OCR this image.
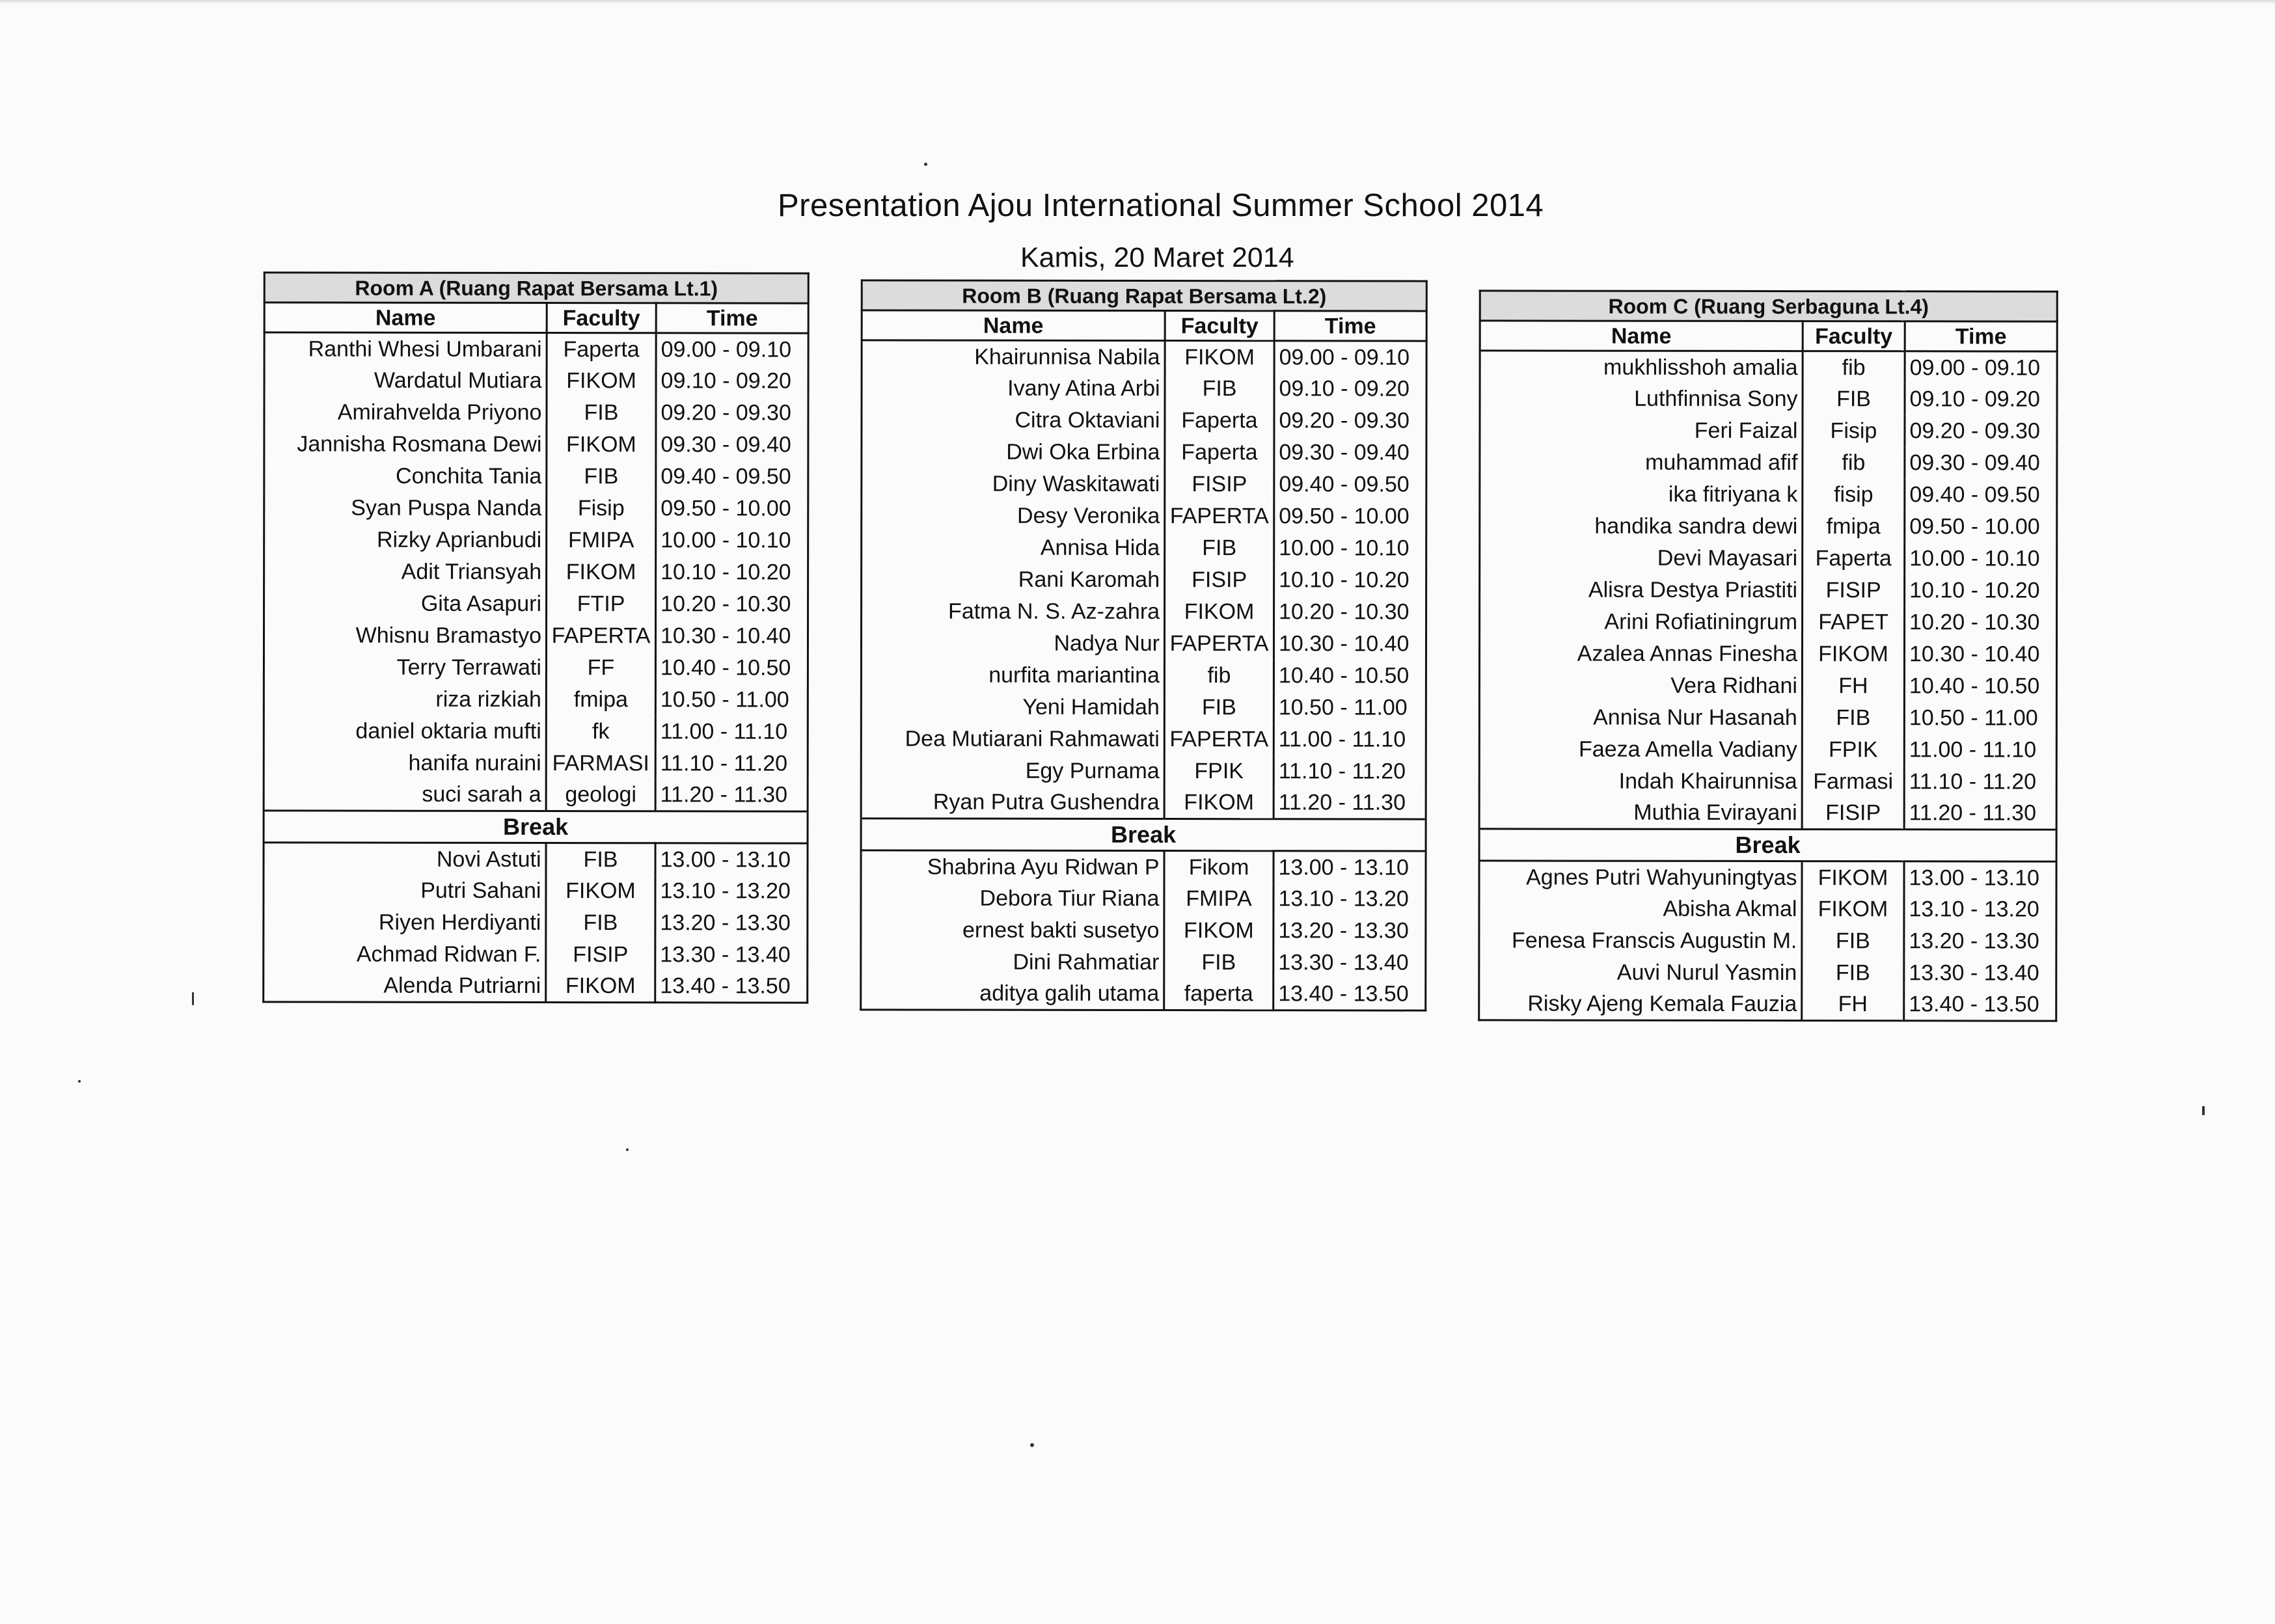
Presentation Ajou International Summer School 2014
Kamis, 20 Maret 2014
Room A (Ruang Rapat Bersama Lt.1)		
Name	Faculty	Time
Ranthi Whesi Umbarani	Faperta	09.00 - 09.10
Wardatul Mutiara	FIKOM	09.10 - 09.20
Amirahvelda Priyono	FIB	09.20 - 09.30
Jannisha Rosmana Dewi	FIKOM	09.30 - 09.40
Conchita Tania	FIB	09.40 - 09.50
Syan Puspa Nanda	Fisip	09.50 - 10.00
Rizky Aprianbudi	FMIPA	10.00 - 10.10
Adit Triansyah	FIKOM	10.10 - 10.20
Gita Asapuri	FTIP	10.20 - 10.30
Whisnu Bramastyo	FAPERTA	10.30 - 10.40
Terry Terrawati	FF	10.40 - 10.50
riza rizkiah	fmipa	10.50 - 11.00
daniel oktaria mufti	fk	11.00 - 11.10
hanifa nuraini	FARMASI	11.10 - 11.20
suci sarah a	geologi	11.20 - 11.30
Break		
Novi Astuti	FIB	13.00 - 13.10
Putri Sahani	FIKOM	13.10 - 13.20
Riyen Herdiyanti	FIB	13.20 - 13.30
Achmad Ridwan F.	FISIP	13.30 - 13.40
Alenda Putriarni	FIKOM	13.40 - 13.50
Room B (Ruang Rapat Bersama Lt.2)		
Name	Faculty	Time
Khairunnisa Nabila	FIKOM	09.00 - 09.10
Ivany Atina Arbi	FIB	09.10 - 09.20
Citra Oktaviani	Faperta	09.20 - 09.30
Dwi Oka Erbina	Faperta	09.30 - 09.40
Diny Waskitawati	FISIP	09.40 - 09.50
Desy Veronika	FAPERTA	09.50 - 10.00
Annisa Hida	FIB	10.00 - 10.10
Rani Karomah	FISIP	10.10 - 10.20
Fatma N. S. Az-zahra	FIKOM	10.20 - 10.30
Nadya Nur	FAPERTA	10.30 - 10.40
nurfita mariantina	fib	10.40 - 10.50
Yeni Hamidah	FIB	10.50 - 11.00
Dea Mutiarani Rahmawati	FAPERTA	11.00 - 11.10
Egy Purnama	FPIK	11.10 - 11.20
Ryan Putra Gushendra	FIKOM	11.20 - 11.30
Break		
Shabrina Ayu Ridwan P	Fikom	13.00 - 13.10
Debora Tiur Riana	FMIPA	13.10 - 13.20
ernest bakti susetyo	FIKOM	13.20 - 13.30
Dini Rahmatiar	FIB	13.30 - 13.40
aditya galih utama	faperta	13.40 - 13.50
Room C (Ruang Serbaguna Lt.4)		
Name	Faculty	Time
mukhlisshoh amalia	fib	09.00 - 09.10
Luthfinnisa Sony	FIB	09.10 - 09.20
Feri Faizal	Fisip	09.20 - 09.30
muhammad afif	fib	09.30 - 09.40
ika fitriyana k	fisip	09.40 - 09.50
handika sandra dewi	fmipa	09.50 - 10.00
Devi Mayasari	Faperta	10.00 - 10.10
Alisra Destya Priastiti	FISIP	10.10 - 10.20
Arini Rofiatiningrum	FAPET	10.20 - 10.30
Azalea Annas Finesha	FIKOM	10.30 - 10.40
Vera Ridhani	FH	10.40 - 10.50
Annisa Nur Hasanah	FIB	10.50 - 11.00
Faeza Amella Vadiany	FPIK	11.00 - 11.10
Indah Khairunnisa	Farmasi	11.10 - 11.20
Muthia Evirayani	FISIP	11.20 - 11.30
Break		
Agnes Putri Wahyuningtyas	FIKOM	13.00 - 13.10
Abisha Akmal	FIKOM	13.10 - 13.20
Fenesa Franscis Augustin M.	FIB	13.20 - 13.30
Auvi Nurul Yasmin	FIB	13.30 - 13.40
Risky Ajeng Kemala Fauzia	FH	13.40 - 13.50
